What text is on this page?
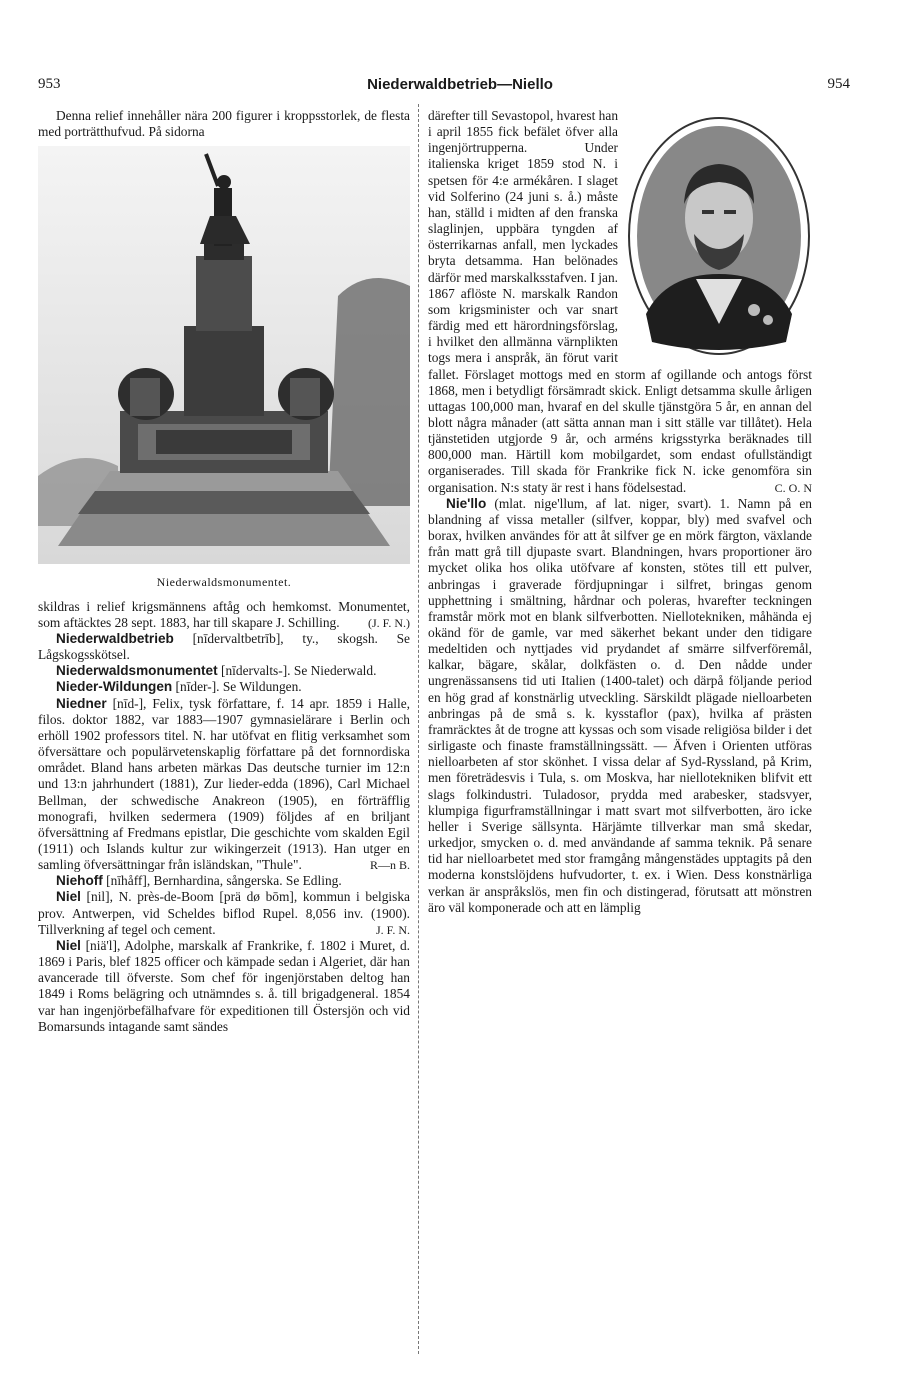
953	Niederwaldbetrieb—Niello	954

Denna relief innehåller nära 200 figurer i kroppsstorlek, de flesta med porträtthufvud. På sidorna

Niederwaldsmonumentet.

skildras i relief krigsmännens aftåg och hemkomst. Monumentet, som aftäcktes 28 sept. 1883, har till skapare J. Schilling. (J. F. N.)

Niederwaldbetrieb [nīdervaltbetrīb], ty., skogsh. Se Lågskogsskötsel.

Niederwaldsmonumentet [nīdervalts-]. Se Niederwald.

Nieder-Wildungen [nīder-]. Se Wildungen.

Niedner [nīd-], Felix, tysk författare, f. 14 apr. 1859 i Halle, filos. doktor 1882, var 1883—1907 gymnasielärare i Berlin och erhöll 1902 professors titel. N. har utöfvat en flitig verksamhet som öfversättare och populärvetenskaplig författare på det fornnordiska området. Bland hans arbeten märkas Das deutsche turnier im 12:n und 13:n jahrhundert (1881), Zur lieder-edda (1896), Carl Michael Bellman, der schwedische Anakreon (1905), en förträfflig monografi, hvilken sedermera (1909) följdes af en briljant öfversättning af Fredmans epistlar, Die geschichte vom skalden Egil (1911) och Islands kultur zur wikingerzeit (1913). Han utger en samling öfversättningar från isländskan, "Thule".	R—n B.

Niehoff [nīhåff], Bernhardina, sångerska. Se Edling.

Niel [nil], N. près-de-Boom [prä dø bōm], kommun i belgiska prov. Antwerpen, vid Scheldes biflod Rupel. 8,056 inv. (1900). Tillverkning af tegel och cement.	J. F. N.

Niel [niä'l], Adolphe, marskalk af Frankrike, f. 1802 i Muret, d. 1869 i Paris, blef 1825 officer och kämpade sedan i Algeriet, där han avancerade till öfverste. Som chef för ingenjörstaben deltog han 1849 i Roms belägring och utnämndes s. å. till brigadgeneral. 1854 var han ingenjörbefälhafvare för expeditionen till Östersjön och vid Bomarsunds intagande samt sändes

därefter till Sevastopol, hvarest han i april 1855 fick befälet öfver alla ingenjörtrupperna. Under italienska kriget 1859 stod N. i spetsen för 4:e armékåren. I slaget vid Solferino (24 juni s. å.) måste han, ställd i midten af den franska slaglinjen, uppbära tyngden af österrikarnas anfall, men lyckades bryta detsamma. Han belönades därför med marskalksstafven. I jan. 1867 aflöste N. marskalk Randon som krigsminister och var snart färdig med ett härordningsförslag, i hvilket den allmänna värnplikten togs mera i anspråk, än förut varit fallet. Förslaget mottogs med en storm af ogillande och antogs först 1868, men i betydligt försämradt skick. Enligt detsamma skulle årligen uttagas 100,000 man, hvaraf en del skulle tjänstgöra 5 år, en annan del blott några månader (att sätta annan man i sitt ställe var tillåtet). Hela tjänstetiden utgjorde 9 år, och arméns krigsstyrka beräknades till 800,000 man. Härtill kom mobilgardet, som endast ofullständigt organiserades. Till skada för Frankrike fick N. icke genomföra sin organisation. N:s staty är rest i hans födelsestad.	C. O. N

Nie'llo (mlat. nige'llum, af lat. niger, svart). 1. Namn på en blandning af vissa metaller (silfver, koppar, bly) med svafvel och borax, hvilken användes för att åt silfver ge en mörk färgton, växlande från matt grå till djupaste svart. Blandningen, hvars proportioner äro mycket olika hos olika utöfvare af konsten, stötes till ett pulver, anbringas i graverade fördjupningar i silfret, bringas genom upphettning i smältning, hårdnar och poleras, hvarefter teckningen framstår mörk mot en blank silfverbotten. Niellotekniken, måhända ej okänd för de gamle, var med säkerhet bekant under den tidigare medeltiden och nyttjades vid prydandet af smärre silfverföremål, kalkar, bägare, skålar, dolkfästen o. d. Den nådde under ungrenässansens tid uti Italien (1400-talet) och därpå följande period en hög grad af konstnärlig utveckling. Särskildt plägade nielloarbeten anbringas på de små s. k. kysstaflor (pax), hvilka af prästen framräcktes åt de trogne att kyssas och som visade religiösa bilder i det sirligaste och finaste framställningssätt. — Äfven i Orienten utföras nielloarbeten af stor skönhet. I vissa delar af Syd-Ryssland, på Krim, men företrädesvis i Tula, s. om Moskva, har niellotekniken blifvit ett slags folkindustri. Tuladosor, prydda med arabesker, stadsvyer, klumpiga figurframställningar i matt svart mot silfverbotten, äro icke heller i Sverige sällsynta. Härjämte tillverkar man små skedar, urkedjor, smycken o. d. med användande af samma teknik. På senare tid har nielloarbetet med stor framgång mångenstädes upptagits på den moderna konstslöjdens hufvudorter, t. ex. i Wien. Dess konstnärliga verkan är anspråkslös, men fin och distingerad, förutsatt att mönstren äro väl komponerade och att en lämplig
